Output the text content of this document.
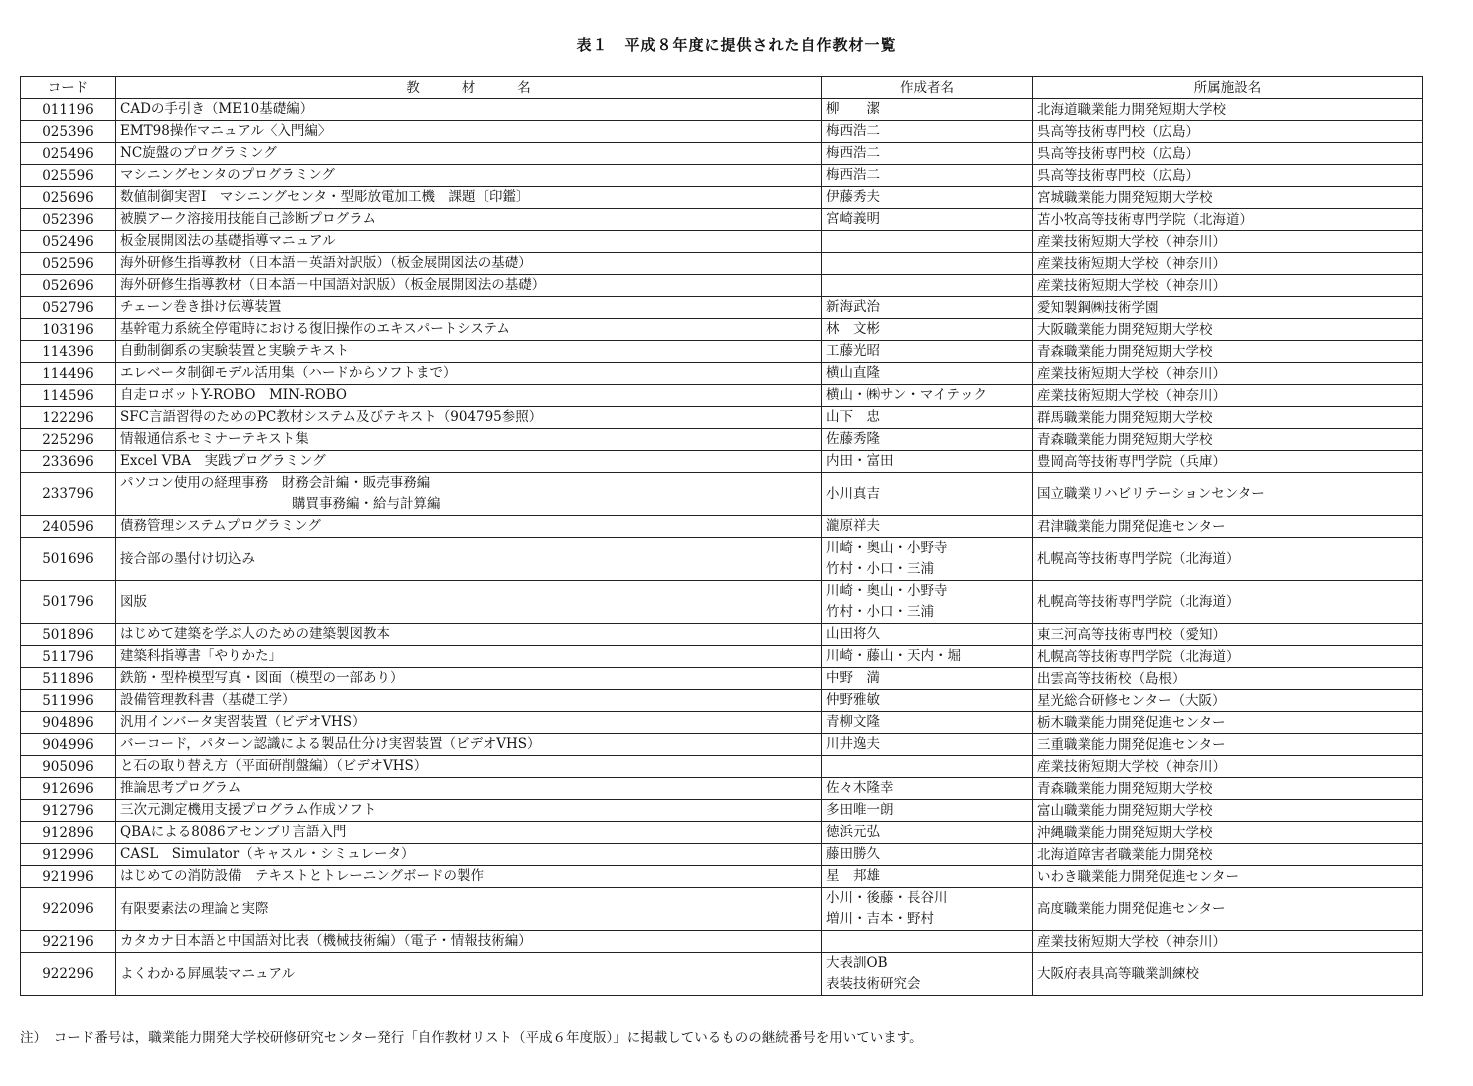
表１　平成８年度に提供された自作教材一覧
コード	教材名	作成者名	所属施設名
011196	CADの手引き（ME10基礎編）	柳　　潔	北海道職業能力開発短期大学校
025396	EMT98操作マニュアル〈入門編〉	梅西浩二	呉高等技術専門校（広島）
025496	NC旋盤のプログラミング	梅西浩二	呉高等技術専門校（広島）
025596	マシニングセンタのプログラミング	梅西浩二	呉高等技術専門校（広島）
025696	数値制御実習Ⅰ　マシニングセンタ・型彫放電加工機　課題〔印鑑〕	伊藤秀夫	宮城職業能力開発短期大学校
052396	被膜アーク溶接用技能自己診断プログラム	宮崎義明	苫小牧高等技術専門学院（北海道）
052496	板金展開図法の基礎指導マニュアル		産業技術短期大学校（神奈川）
052596	海外研修生指導教材（日本語－英語対訳版）（板金展開図法の基礎）		産業技術短期大学校（神奈川）
052696	海外研修生指導教材（日本語－中国語対訳版）（板金展開図法の基礎）		産業技術短期大学校（神奈川）
052796	チェーン巻き掛け伝導装置	新海武治	愛知製鋼㈱技術学園
103196	基幹電力系統全停電時における復旧操作のエキスパートシステム	林　文彬	大阪職業能力開発短期大学校
114396	自動制御系の実験装置と実験テキスト	工藤光昭	青森職業能力開発短期大学校
114496	エレベータ制御モデル活用集（ハードからソフトまで）	横山直隆	産業技術短期大学校（神奈川）
114596	自走ロボットY-ROBO　MIN-ROBO	横山・㈱サン・マイテック	産業技術短期大学校（神奈川）
122296	SFC言語習得のためのPC教材システム及びテキスト（904795参照）	山下　忠	群馬職業能力開発短期大学校
225296	情報通信系セミナーテキスト集	佐藤秀隆	青森職業能力開発短期大学校
233696	Excel VBA　実践プログラミング	内田・富田	豊岡高等技術専門学院（兵庫）
233796	パソコン使用の経理事務　財務会計編・販売事務編
購買事務編・給与計算編	小川真吉	国立職業リハビリテーションセンター
240596	債務管理システムプログラミング	瀧原祥夫	君津職業能力開発促進センター
501696	接合部の墨付け切込み	川崎・奥山・小野寺
竹村・小口・三浦	札幌高等技術専門学院（北海道）
501796	図版	川崎・奥山・小野寺
竹村・小口・三浦	札幌高等技術専門学院（北海道）
501896	はじめて建築を学ぶ人のための建築製図教本	山田将久	東三河高等技術専門校（愛知）
511796	建築科指導書「やりかた」	川崎・藤山・天内・堀	札幌高等技術専門学院（北海道）
511896	鉄筋・型枠模型写真・図面（模型の一部あり）	中野　満	出雲高等技術校（島根）
511996	設備管理教科書（基礎工学）	仲野雅敏	星光総合研修センター（大阪）
904896	汎用インバータ実習装置（ビデオVHS）	青柳文隆	栃木職業能力開発促進センター
904996	バーコード，パターン認識による製品仕分け実習装置（ビデオVHS）	川井逸夫	三重職業能力開発促進センター
905096	と石の取り替え方（平面研削盤編）（ビデオVHS）		産業技術短期大学校（神奈川）
912696	推論思考プログラム	佐々木隆幸	青森職業能力開発短期大学校
912796	三次元測定機用支援プログラム作成ソフト	多田唯一朗	富山職業能力開発短期大学校
912896	QBAによる8086アセンブリ言語入門	徳浜元弘	沖縄職業能力開発短期大学校
912996	CASL　Simulator（キャスル・シミュレータ）	藤田勝久	北海道障害者職業能力開発校
921996	はじめての消防設備　テキストとトレーニングボードの製作	星　邦雄	いわき職業能力開発促進センター
922096	有限要素法の理論と実際	小川・後藤・長谷川
増川・吉本・野村	高度職業能力開発促進センター
922196	カタカナ日本語と中国語対比表（機械技術編）（電子・情報技術編）		産業技術短期大学校（神奈川）
922296	よくわかる屛風装マニュアル	大表訓OB
表装技術研究会	大阪府表具高等職業訓練校
注）　コード番号は，職業能力開発大学校研修研究センター発行「自作教材リスト（平成６年度版）」に掲載しているものの継続番号を用いています。
